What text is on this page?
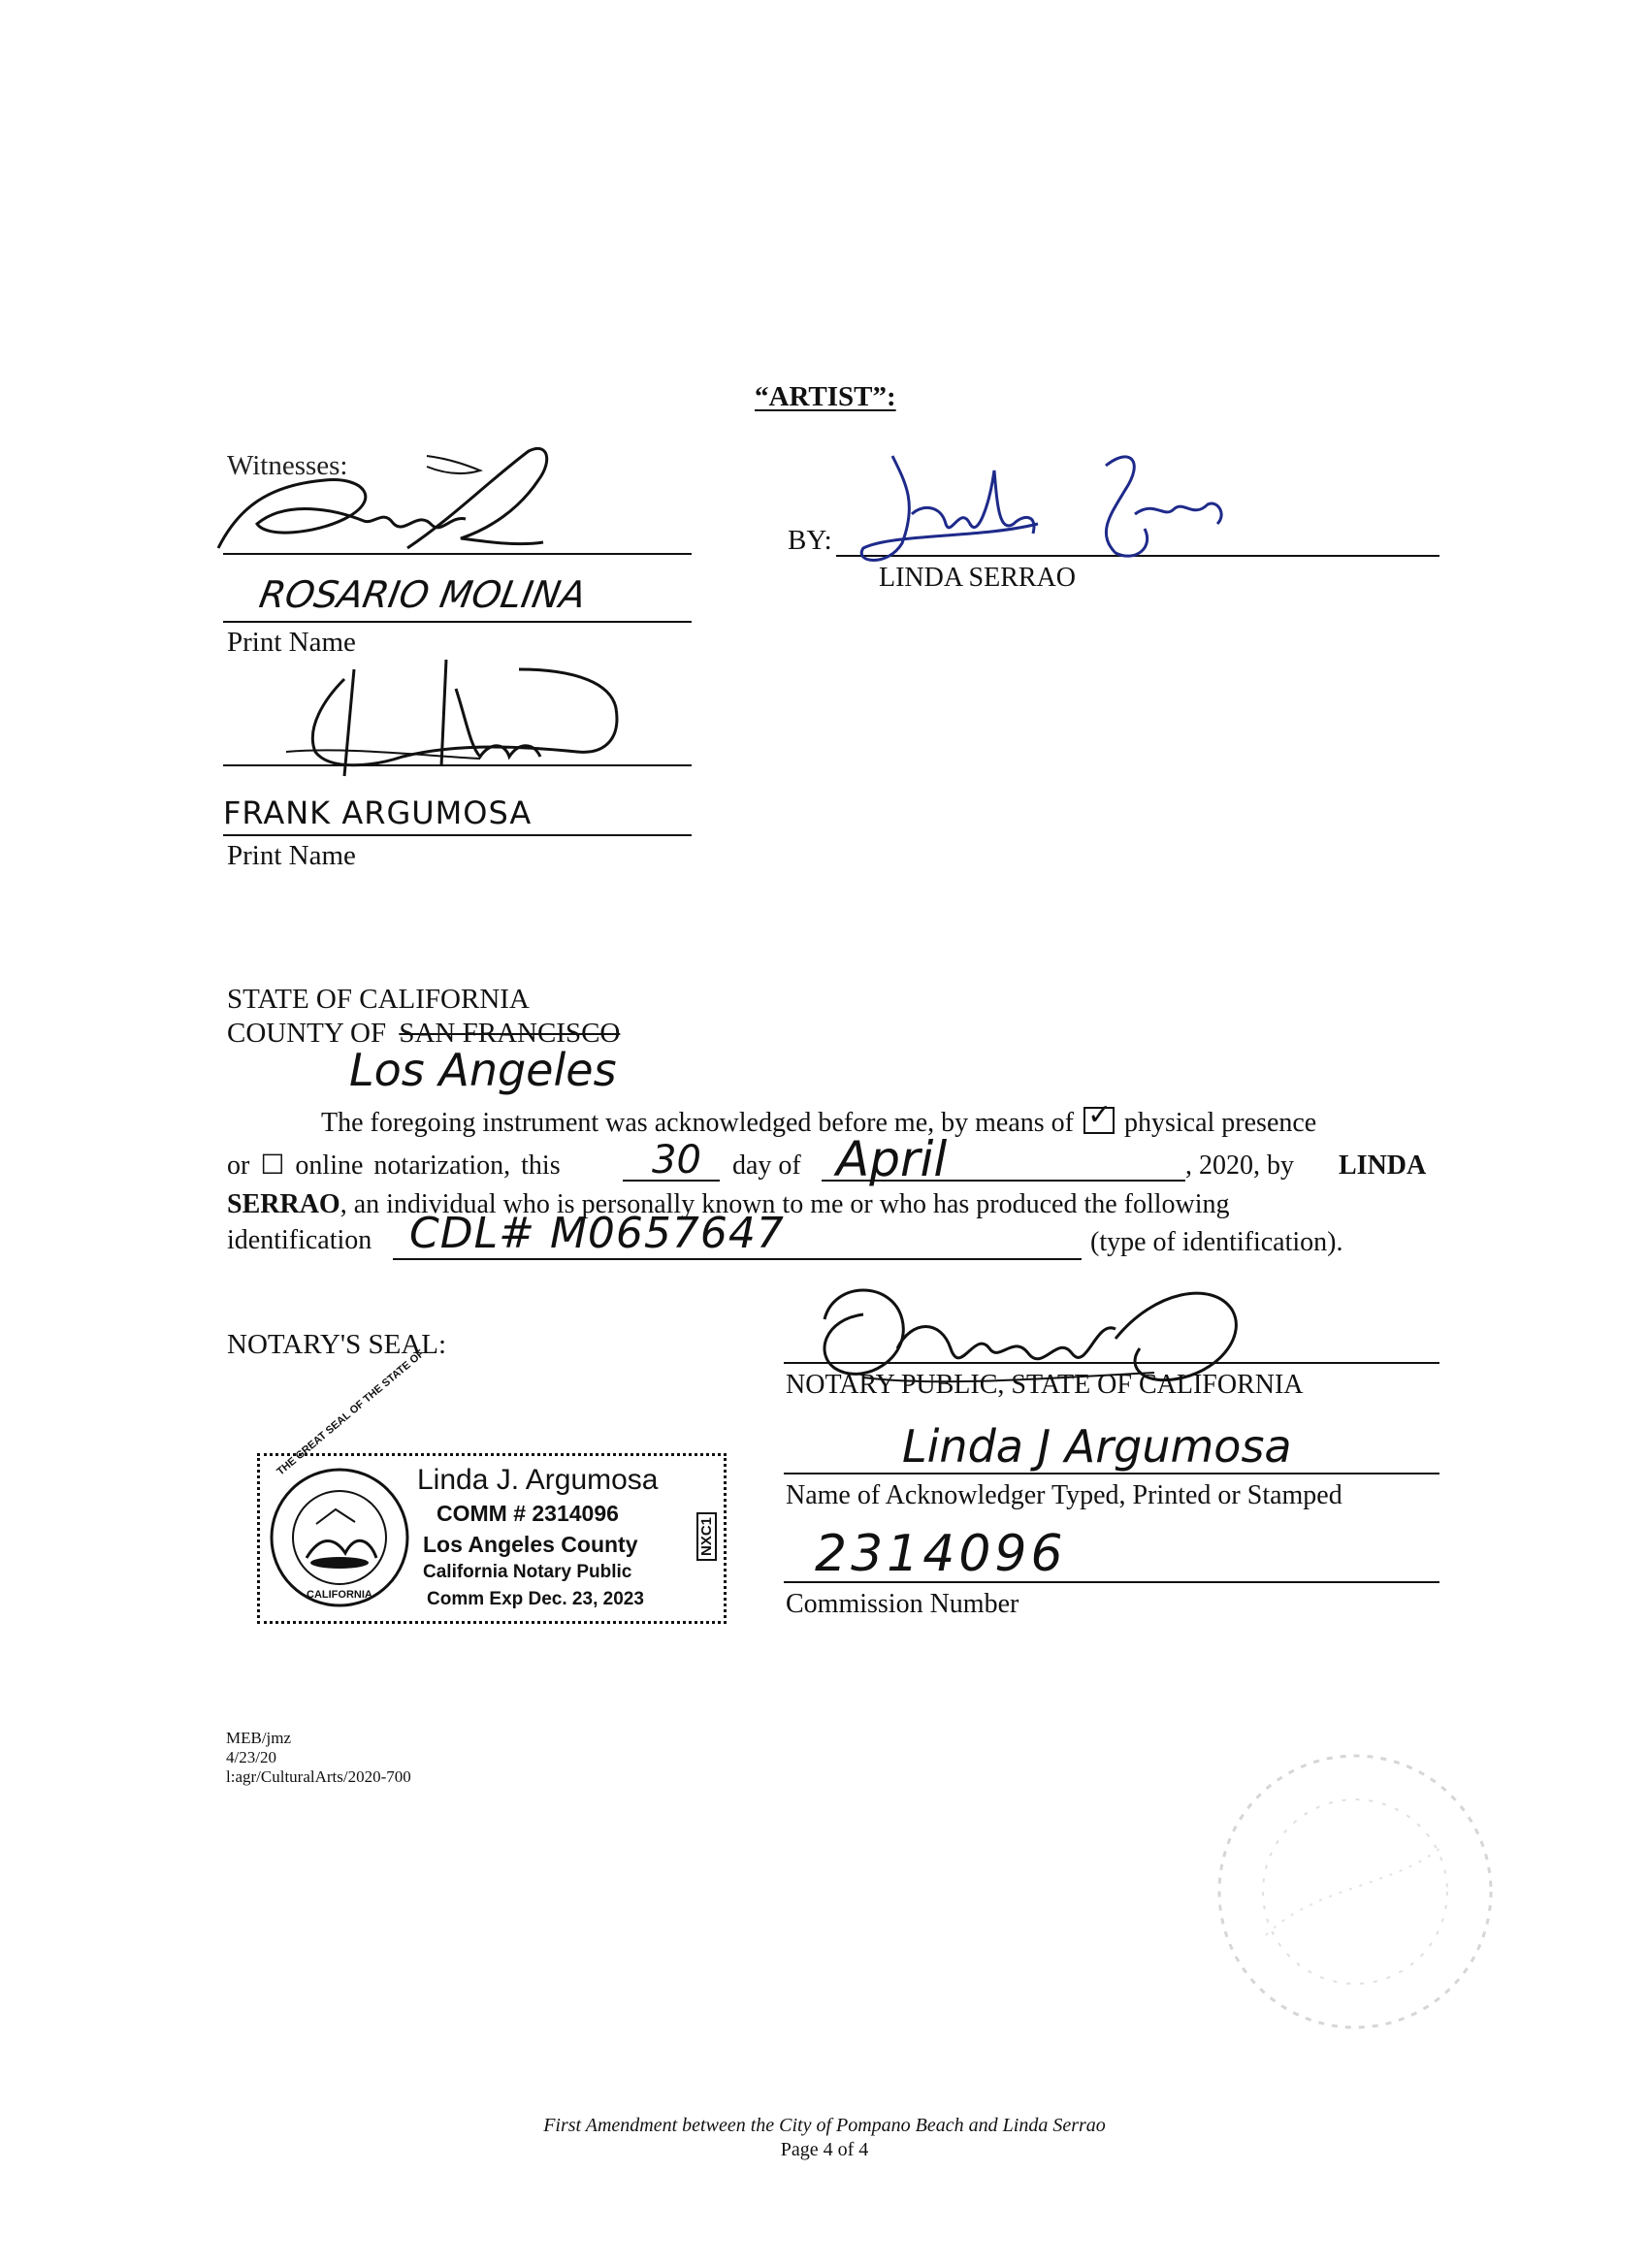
“ARTIST”:
Witnesses:
ROSARIO MOLINA
Print Name
FRANK ARGUMOSA
Print Name
BY:
LINDA SERRAO
STATE OF CALIFORNIA
COUNTY OF SAN FRANCISCO
Los Angeles
The foregoing instrument was acknowledged before me, by means of ✓ physical presence
or ☐ online notarization, this 30 day of April	, 2020, by LINDA
SERRAO, an individual who is personally known to me or who has produced the following
identification CDL# M0657647	(type of identification).
NOTARY'S SEAL:
NOTARY PUBLIC, STATE OF CALIFORNIA
Linda J Argumosa
Name of Acknowledger Typed, Printed or Stamped
2314096
Commission Number
THE GREAT SEAL OF THE STATE OF
CALIFORNIA
Linda J. Argumosa
COMM # 2314096
Los Angeles County
California Notary Public
Comm Exp Dec. 23, 2023
NXC1
MEB/jmz
4/23/20
l:agr/CulturalArts/2020-700
First Amendment between the City of Pompano Beach and Linda Serrao
Page 4 of 4
